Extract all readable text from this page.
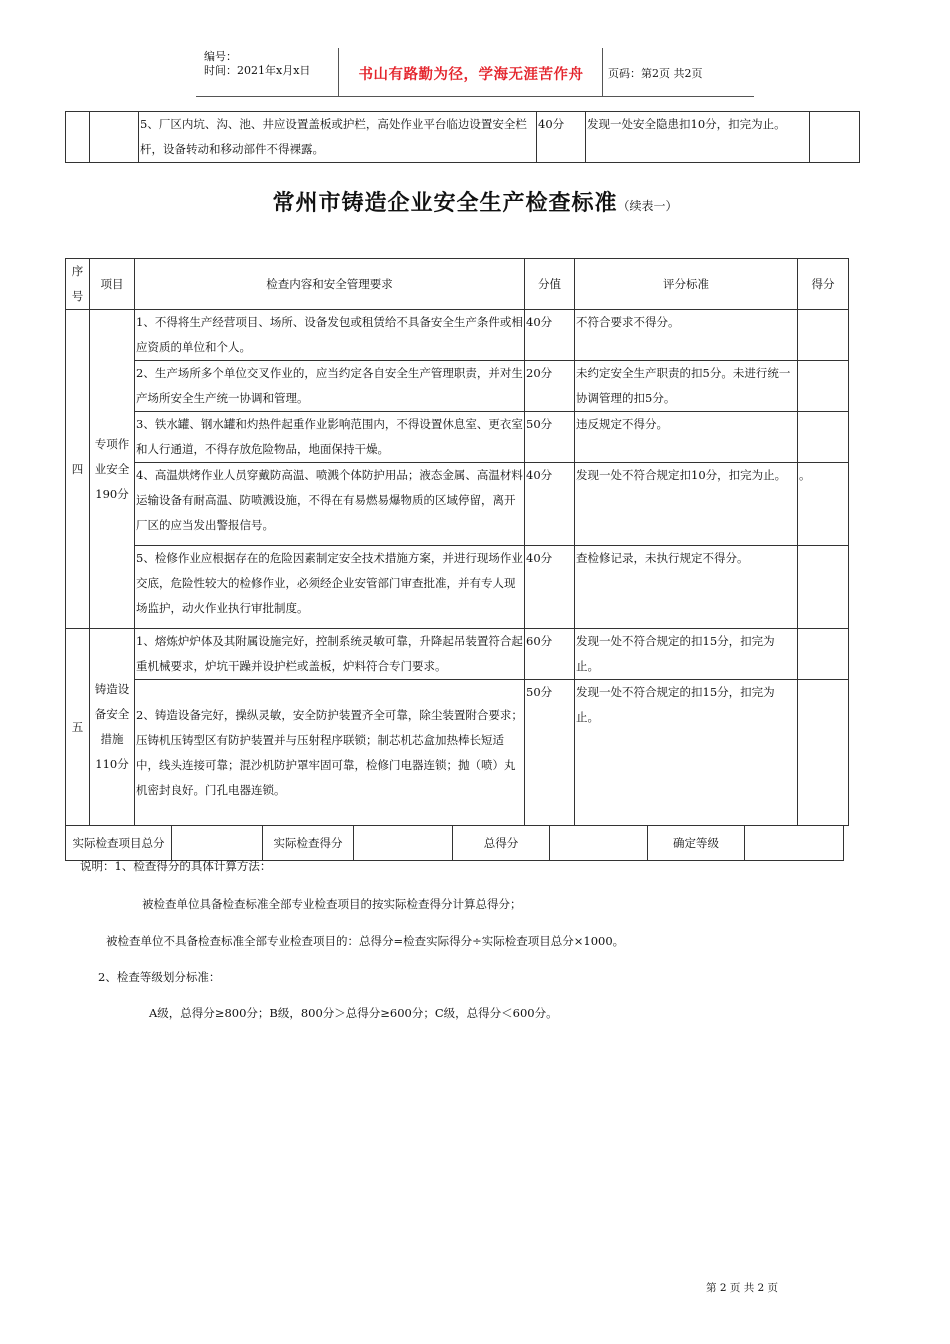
编号：
时间：2021年x月x日	书山有路勤为径，学海无涯苦作舟	页码：第2页 共2页
		5、厂区内坑、沟、池、井应设置盖板或护栏，高处作业平台临边设置安全栏杆，设备转动和移动部件不得裸露。	40分	发现一处安全隐患扣10分，扣完为止。	
常州市铸造企业安全生产检查标准（续表一）
序号	项目	检查内容和安全管理要求	分值	评分标准	得分
四	专项作业安全190分	1、不得将生产经营项目、场所、设备发包或租赁给不具备安全生产条件或相应资质的单位和个人。	40分	不符合要求不得分。	
		2、生产场所多个单位交叉作业的，应当约定各自安全生产管理职责，并对生产场所安全生产统一协调和管理。	20分	未约定安全生产职责的扣5分。未进行统一协调管理的扣5分。	
		3、铁水罐、钢水罐和灼热件起重作业影响范围内，不得设置休息室、更衣室和人行通道，不得存放危险物品，地面保持干燥。	50分	违反规定不得分。	
		4、高温烘烤作业人员穿戴防高温、喷溅个体防护用品；液态金属、高温材料运输设备有耐高温、防喷溅设施，不得在有易燃易爆物质的区域停留，离开厂区的应当发出警报信号。	40分	发现一处不符合规定扣10分，扣完为止。	。
		5、检修作业应根据存在的危险因素制定安全技术措施方案，并进行现场作业交底，危险性较大的检修作业，必须经企业安管部门审查批准，并有专人现场监护，动火作业执行审批制度。	40分	查检修记录，未执行规定不得分。	
五	铸造设备安全措施110分	1、熔炼炉炉体及其附属设施完好，控制系统灵敏可靠，升降起吊装置符合起重机械要求，炉坑干躁并设护栏或盖板，炉料符合专门要求。	60分	发现一处不符合规定的扣15分，扣完为止。	
		2、铸造设备完好，操纵灵敏，安全防护装置齐全可靠，除尘装置附合要求；压铸机压铸型区有防护装置并与压射程序联锁；制芯机芯盒加热棒长短适中，线头连接可靠；混沙机防护罩牢固可靠，检修门电器连锁；抛（喷）丸机密封良好。门孔电器连锁。	50分	发现一处不符合规定的扣15分，扣完为止。	
实际检查项目总分		实际检查得分		总得分		确定等级	
说明：1、检查得分的具体计算方法：
被检查单位具备检查标准全部专业检查项目的按实际检查得分计算总得分；
被检查单位不具备检查标准全部专业检查项目的：总得分=检查实际得分÷实际检查项目总分×1000。
2、检查等级划分标准：
A级，总得分≥800分；B级，800分＞总得分≥600分；C级，总得分＜600分。
第 2 页 共 2 页
